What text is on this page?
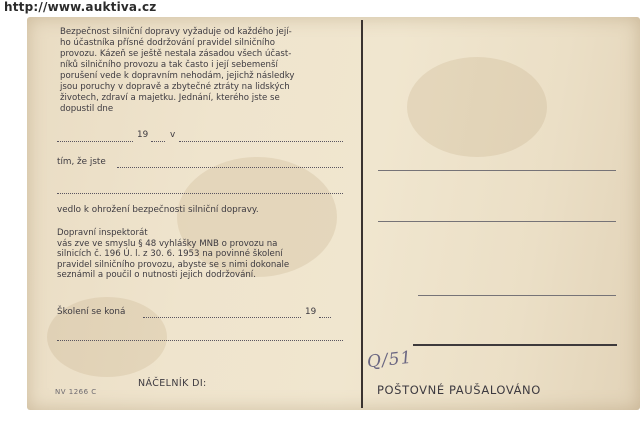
http://www.auktiva.cz
Bezpečnost silniční dopravy vyžaduje od každého její-
ho účastníka přísné dodržování pravidel silničního
provozu. Kázeň se ještě nestala zásadou všech účast-
níků silničního provozu a tak často i její sebemenší
porušení vede k dopravním nehodám, jejichž následky
jsou poruchy v dopravě a zbytečné ztráty na lidských
životech, zdraví a majetku. Jednání, kterého jste se
dopustil dne
19 v
tím, že jste
vedlo k ohrožení bezpečnosti silniční dopravy.
Dopravní inspektorát
vás zve ve smyslu § 48 vyhlášky MNB o provozu na
silnicích č. 196 Ú. l. z 30. 6. 1953 na povinné školení
pravidel silničního provozu, abyste se s nimi dokonale
seznámil a poučil o nutnosti jejich dodržování.
Školení se koná	19
NÁČELNÍK DI:
NV 1266 C
Q/51
POŠTOVNÉ PAUŠALOVÁNO
